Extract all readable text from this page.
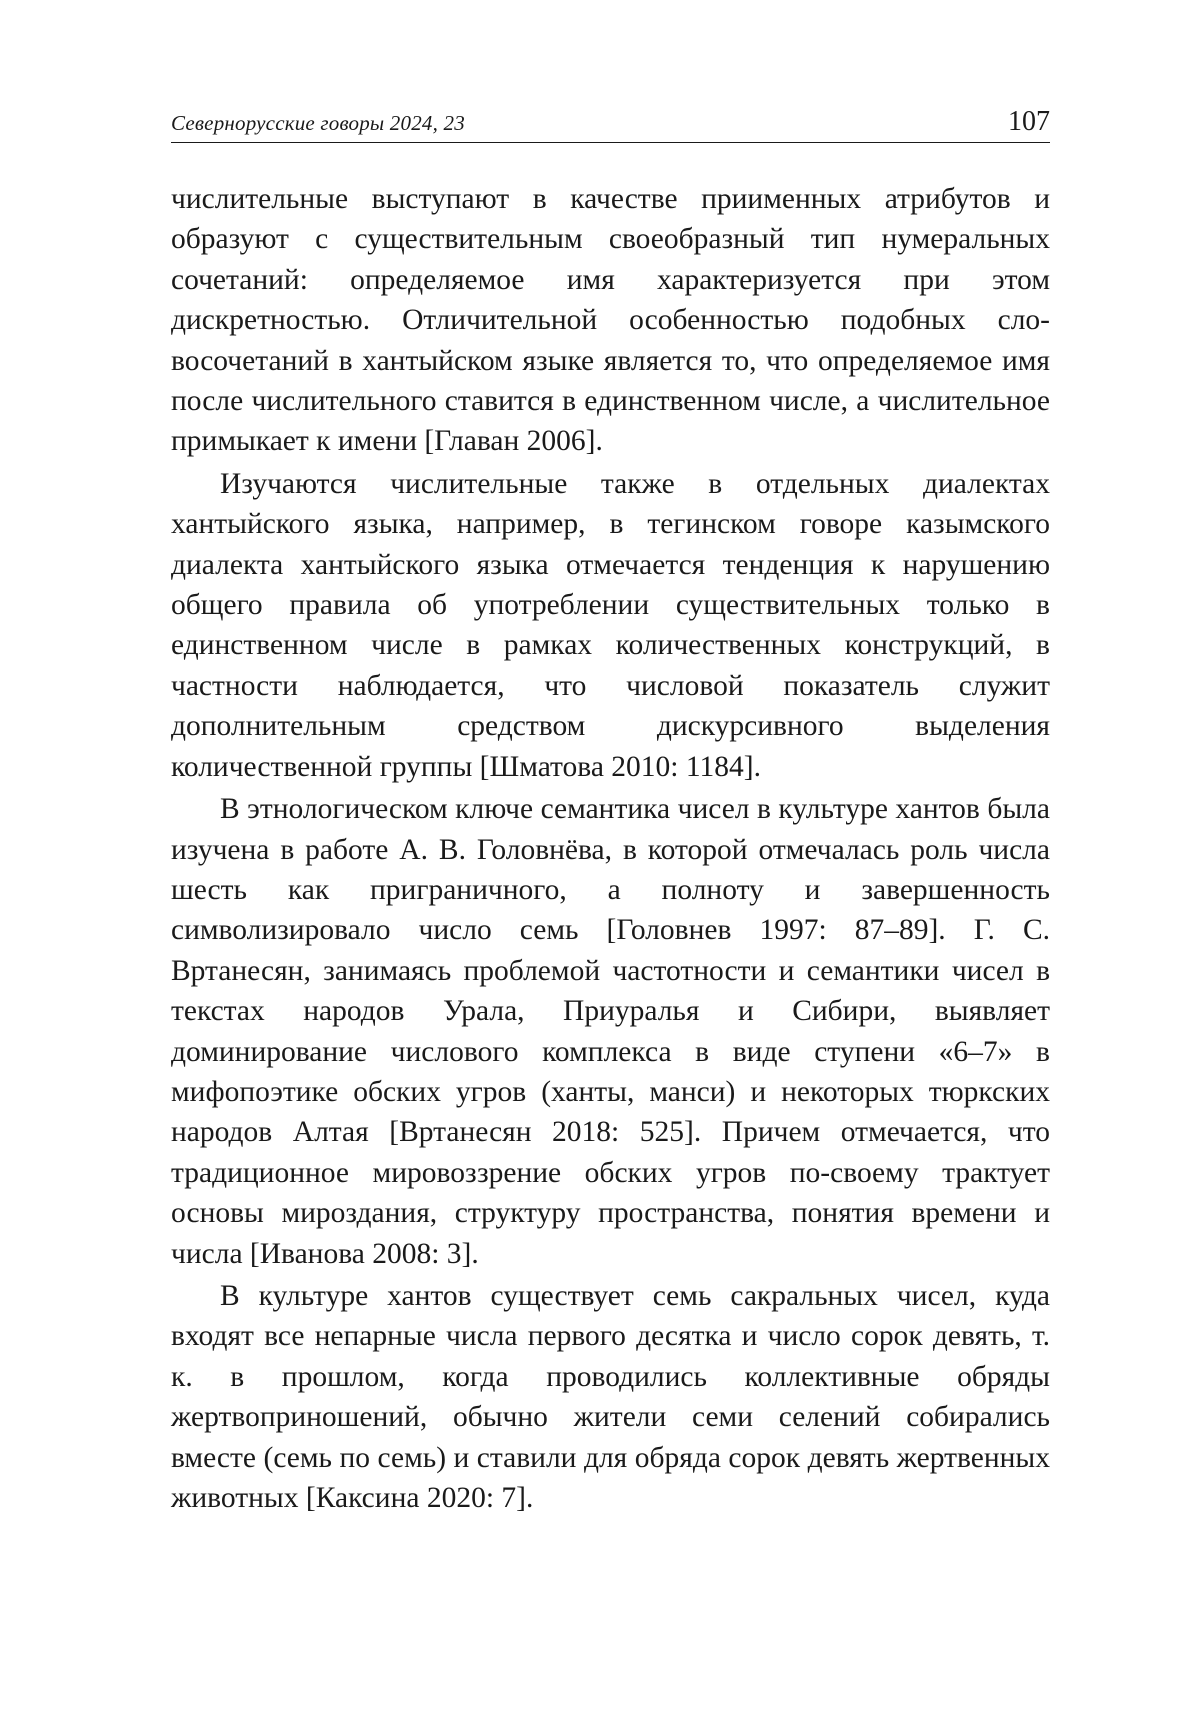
Севернорусские говоры 2024, 23	107

числительные выступают в качестве приименных атрибутов и образуют с существительным своеобразный тип нумеральных сочетаний: определяемое имя характеризуется при этом дискретностью. Отличительной особенностью подобных словосочетаний в хантыйском языке является то, что определяемое имя после числительного ставится в единственном числе, а числительное примыкает к имени [Главан 2006].

Изучаются числительные также в отдельных диалектах хантыйского языка, например, в тегинском говоре казымского диалекта хантыйского языка отмечается тенденция к нарушению общего правила об употреблении существительных только в единственном числе в рамках количественных конструкций, в частности наблюдается, что числовой показатель служит дополнительным средством дискурсивного выделения количественной группы [Шматова 2010: 1184].

В этнологическом ключе семантика чисел в культуре хантов была изучена в работе А. В. Головнёва, в которой отмечалась роль числа шесть как приграничного, а полноту и завершенность символизировало число семь [Головнев 1997: 87–89]. Г. С. Вртанесян, занимаясь проблемой частотности и семантики чисел в текстах народов Урала, Приуралья и Сибири, выявляет доминирование числового комплекса в виде ступени «6–7» в мифопоэтике обских угров (ханты, манси) и некоторых тюркских народов Алтая [Вртанесян 2018: 525]. Причем отмечается, что традиционное мировоззрение обских угров по-своему трактует основы мироздания, структуру пространства, понятия времени и числа [Иванова 2008: 3].

В культуре хантов существует семь сакральных чисел, куда входят все непарные числа первого десятка и число сорок девять, т. к. в прошлом, когда проводились коллективные обряды жертвоприношений, обычно жители семи селений собирались вместе (семь по семь) и ставили для обряда сорок девять жертвенных животных [Каксина 2020: 7].
